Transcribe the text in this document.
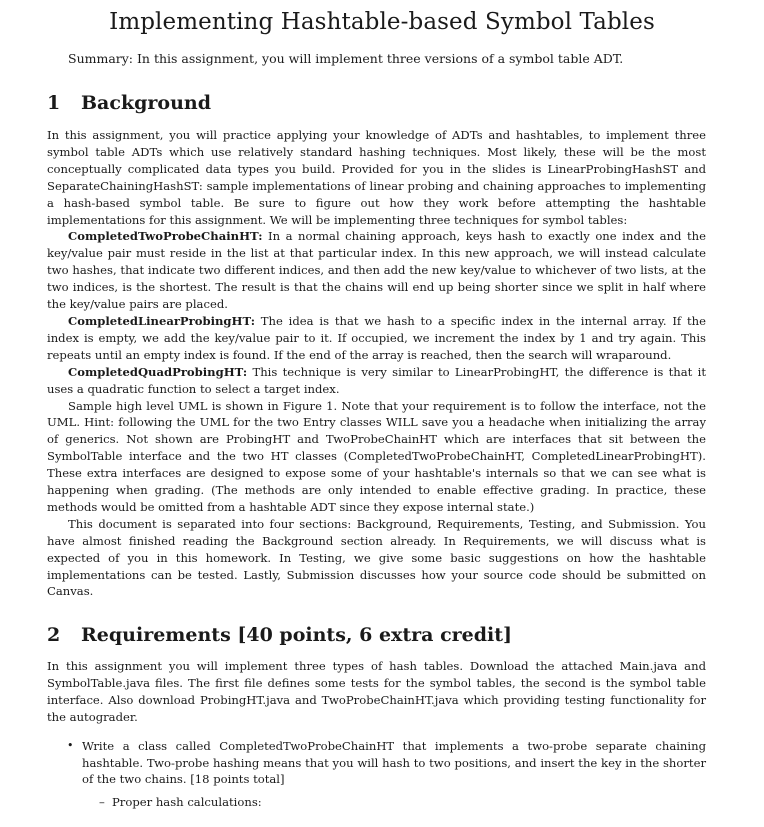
Implementing Hashtable-based Symbol Tables

Summary: In this assignment, you will implement three versions of a symbol table ADT.

1 Background

In this assignment, you will practice applying your knowledge of ADTs and hashtables, to implement three symbol table ADTs which use relatively standard hashing techniques. Most likely, these will be the most conceptually complicated data types you build. Provided for you in the slides is LinearProbingHashST and SeparateChainingHashST: sample implementations of linear probing and chaining approaches to implementing a hash-based symbol table. Be sure to figure out how they work before attempting the hashtable implementations for this assignment. We will be implementing three techniques for symbol tables:

CompletedTwoProbeChainHT: In a normal chaining approach, keys hash to exactly one index and the key/value pair must reside in the list at that particular index. In this new approach, we will instead calculate two hashes, that indicate two different indices, and then add the new key/value to whichever of two lists, at the two indices, is the shortest. The result is that the chains will end up being shorter since we split in half where the key/value pairs are placed.

CompletedLinearProbingHT: The idea is that we hash to a specific index in the internal array. If the index is empty, we add the key/value pair to it. If occupied, we increment the index by 1 and try again. This repeats until an empty index is found. If the end of the array is reached, then the search will wraparound.

CompletedQuadProbingHT: This technique is very similar to LinearProbingHT, the difference is that it uses a quadratic function to select a target index.

Sample high level UML is shown in Figure 1. Note that your requirement is to follow the interface, not the UML. Hint: following the UML for the two Entry classes WILL save you a headache when initializing the array of generics. Not shown are ProbingHT and TwoProbeChainHT which are interfaces that sit between the SymbolTable interface and the two HT classes (CompletedTwoProbeChainHT, CompletedLinearProbingHT). These extra interfaces are designed to expose some of your hashtable's internals so that we can see what is happening when grading. (The methods are only intended to enable effective grading. In practice, these methods would be omitted from a hashtable ADT since they expose internal state.)

This document is separated into four sections: Background, Requirements, Testing, and Submission. You have almost finished reading the Background section already. In Requirements, we will discuss what is expected of you in this homework. In Testing, we give some basic suggestions on how the hashtable implementations can be tested. Lastly, Submission discusses how your source code should be submitted on Canvas.

2 Requirements [40 points, 6 extra credit]

In this assignment you will implement three types of hash tables. Download the attached Main.java and SymbolTable.java files. The first file defines some tests for the symbol tables, the second is the symbol table interface. Also download ProbingHT.java and TwoProbeChainHT.java which providing testing functionality for the autograder.

• Write a class called CompletedTwoProbeChainHT that implements a two-probe separate chaining hashtable. Two-probe hashing means that you will hash to two positions, and insert the key in the shorter of the two chains. [18 points total]
– Proper hash calculations:
